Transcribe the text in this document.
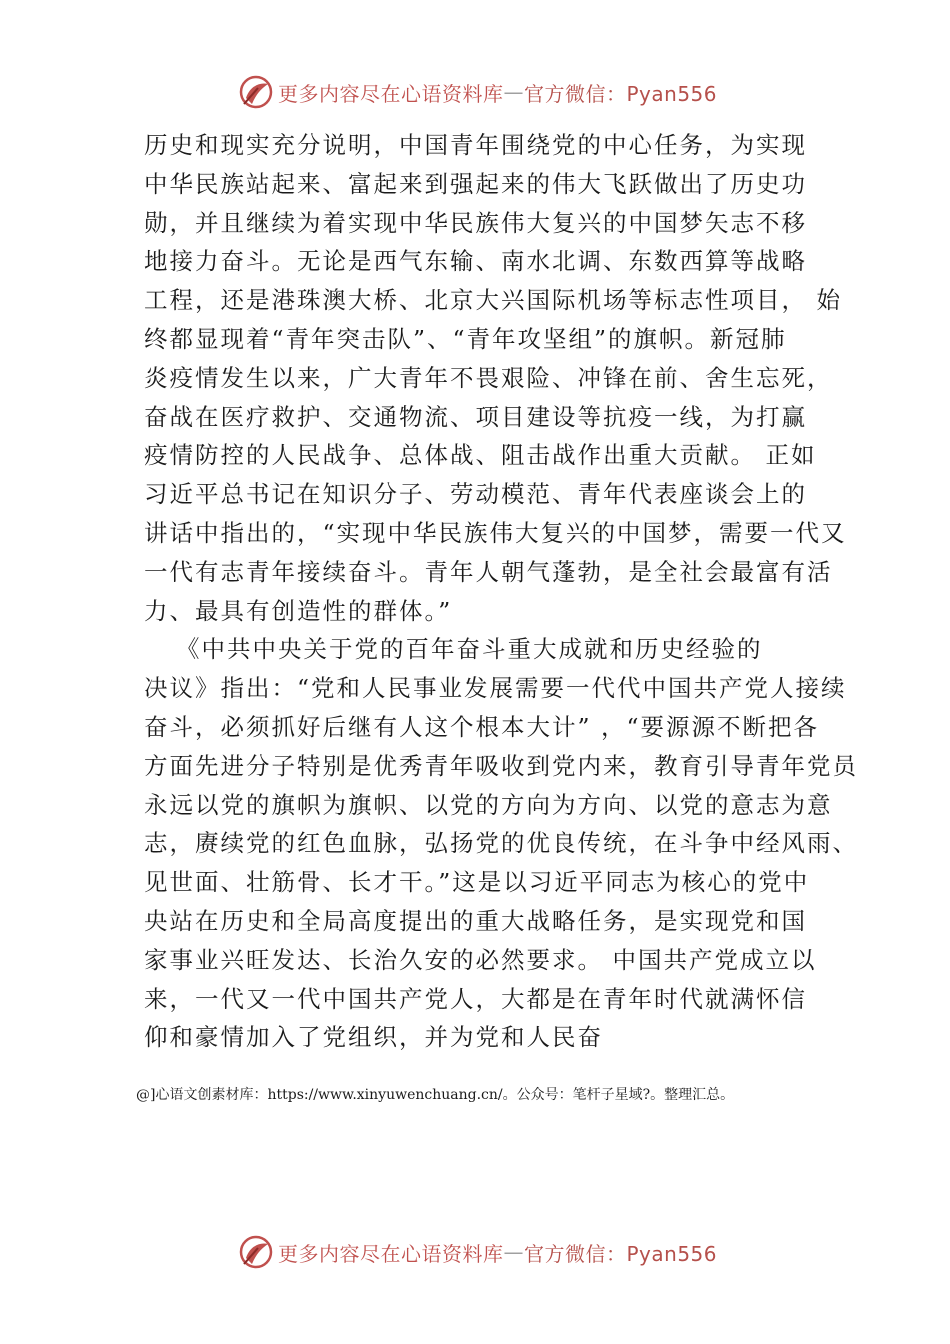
更多内容尽在心语资料库 — 官方微信：Pyan556
历史和现实充分说明，中国青年围绕党的中心任务，为实现
中华民族站起来、富起来到强起来的伟大飞跃做出了历史功
勋，并且继续为着实现中华民族伟大复兴的中国梦矢志不移
地接力奋斗。无论是西气东输、南水北调、东数西算等战略
工程，还是港珠澳大桥、北京大兴国际机场等标志性项目， 始
终都显现着“青年突击队”、“青年攻坚组”的旗帜。新冠肺
炎疫情发生以来，广大青年不畏艰险、冲锋在前、舍生忘死，
奋战在医疗救护、交通物流、项目建设等抗疫一线，为打赢
疫情防控的人民战争、总体战、阻击战作出重大贡献。 正如
习近平总书记在知识分子、劳动模范、青年代表座谈会上的
讲话中指出的，“实现中华民族伟大复兴的中国梦，需要一代又
一代有志青年接续奋斗。青年人朝气蓬勃，是全社会最富有活
力、最具有创造性的群体。”
《中共中央关于党的百年奋斗重大成就和历史经验的
决议》指出：“党和人民事业发展需要一代代中国共产党人接续
奋斗，必须抓好后继有人这个根本大计” ，“要源源不断把各
方面先进分子特别是优秀青年吸收到党内来，教育引导青年党员
永远以党的旗帜为旗帜、以党的方向为方向、以党的意志为意
志，赓续党的红色血脉，弘扬党的优良传统，在斗争中经风雨、
见世面、壮筋骨、长才干。”这是以习近平同志为核心的党中
央站在历史和全局高度提出的重大战略任务，是实现党和国
家事业兴旺发达、长治久安的必然要求。 中国共产党成立以
来，一代又一代中国共产党人，大都是在青年时代就满怀信
仰和豪情加入了党组织，并为党和人民奋
@]心语文创素材库：https://www.xinyuwenchuang.cn/。公众号：笔杆子星域?。整理汇总。
更多内容尽在心语资料库 — 官方微信：Pyan556
